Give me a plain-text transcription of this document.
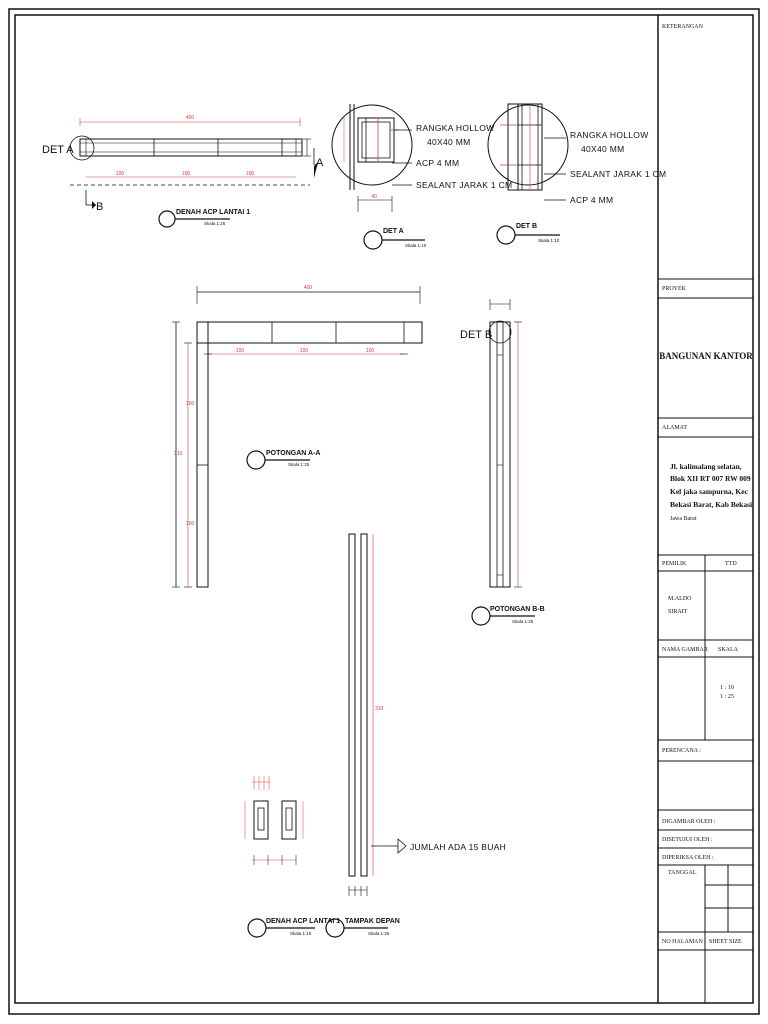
KETERANGAN
PROYEK
BANGUNAN KANTOR
ALAMAT
Jl. kalimalang selatan,
Blok XII RT 007 RW 009
Kel jaka sampurna, Kec
Bekasi Barat, Kab Bekasi
Jawa Barat
PEMILIK	TTD
M.ALDO
SIRAIT
NAMA GAMBAR SKALA
1 : 10
1 : 25
PERENCANA :
DIGAMBAR OLEH :
DISETUJUI OLEH :
DIPERIKSA OLEH :
TANGGAL
NO HALAMAN SHEET SIZE
400
100	100	100
DET A
A
B	DENAH ACP LANTAI 1
Skala 1:25
40
RANGKA HOLLOW
40X40 MM
ACP 4 MM
SEALANT JARAK 1 CM
DET A
Skala 1:10
RANGKA HOLLOW
40X40 MM
SEALANT JARAK 1 CM
ACP 4 MM
DET B
Skala 1:10
400
100	100	100
310
100
100
POTONGAN A-A
Skala 1:25
DET B
POTONGAN B-B
Skala 1:25
310
JUMLAH ADA 15 BUAH
TAMPAK DEPAN
Skala 1:25
DENAH ACP LANTAI 1
Skala 1:10
